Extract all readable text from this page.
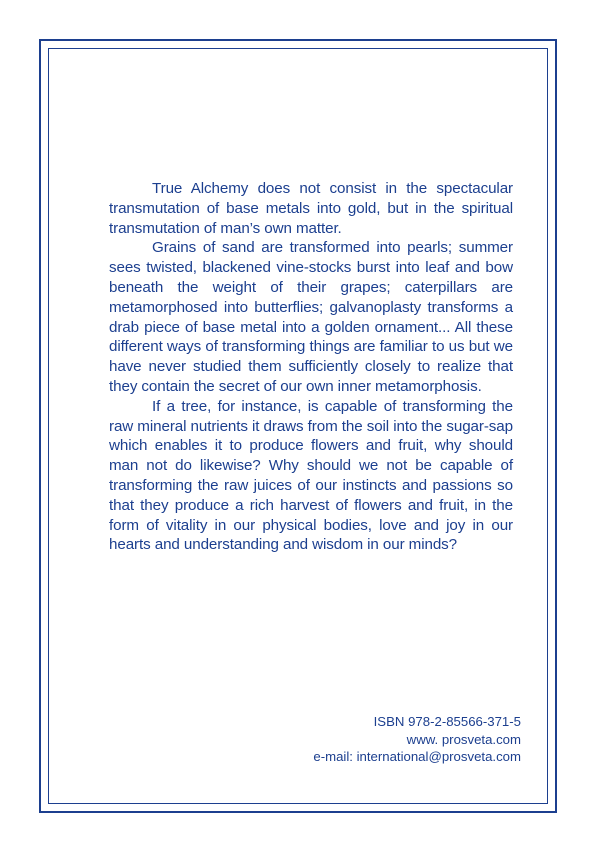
True Alchemy does not consist in the spectacular transmutation of base metals into gold, but in the spiritual transmutation of man’s own matter.

Grains of sand are transformed into pearls; summer sees twisted, blackened vine-stocks burst into leaf and bow beneath the weight of their grapes; caterpillars are metamorphosed into butterflies; galvanoplasty transforms a drab piece of base metal into a golden ornament... All these different ways of transforming things are familiar to us but we have never studied them sufficiently closely to realize that they contain the secret of our own inner metamorphosis.

If a tree, for instance, is capable of transforming the raw mineral nutrients it draws from the soil into the sugar-sap which enables it to produce flowers and fruit, why should man not do likewise? Why should we not be capable of transforming the raw juices of our instincts and passions so that they produce a rich harvest of flowers and fruit, in the form of vitality in our physical bodies, love and joy in our hearts and understanding and wisdom in our minds?

ISBN 978-2-85566-371-5
www. prosveta.com
e-mail: international@prosveta.com
